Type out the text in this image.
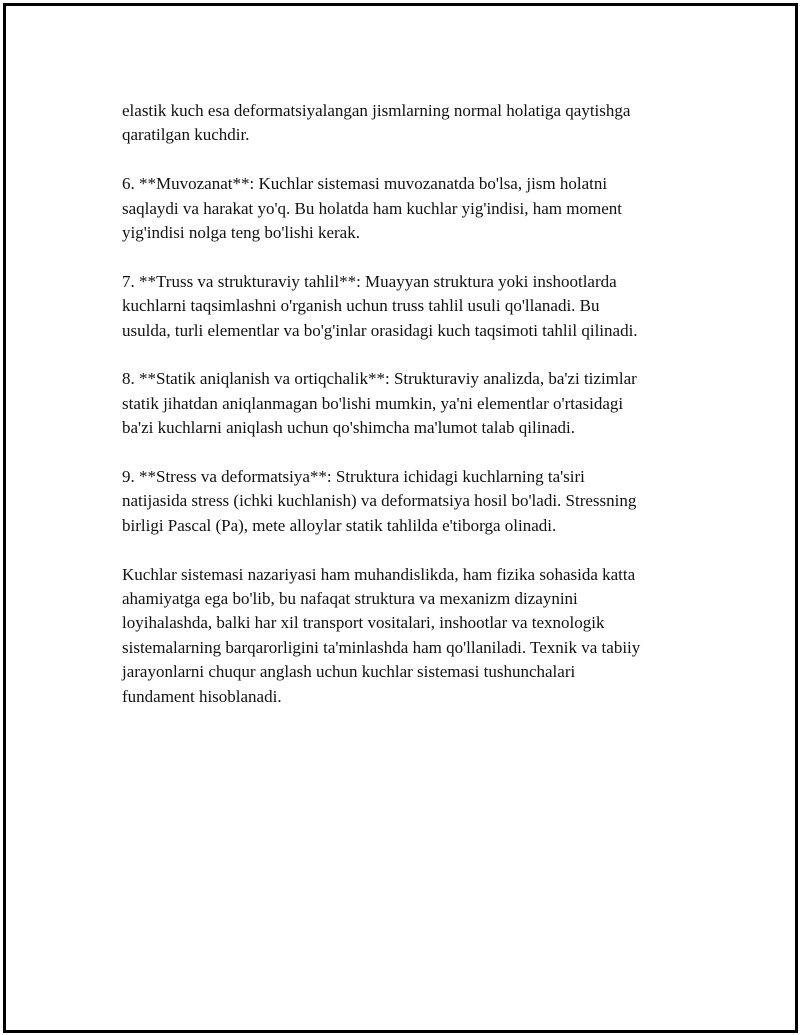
elastik kuch esa deformatsiyalangan jismlarning normal holatiga qaytishga
qaratilgan kuchdir.

6. **Muvozanat**: Kuchlar sistemasi muvozanatda bo'lsa, jism holatni
saqlaydi va harakat yo'q. Bu holatda ham kuchlar yig'indisi, ham moment
yig'indisi nolga teng bo'lishi kerak.

7. **Truss va strukturaviy tahlil**: Muayyan struktura yoki inshootlarda
kuchlarni taqsimlashni o'rganish uchun truss tahlil usuli qo'llanadi. Bu
usulda, turli elementlar va bo'g'inlar orasidagi kuch taqsimoti tahlil qilinadi.

8. **Statik aniqlanish va ortiqchalik**: Strukturaviy analizda, ba'zi tizimlar
statik jihatdan aniqlanmagan bo'lishi mumkin, ya'ni elementlar o'rtasidagi
ba'zi kuchlarni aniqlash uchun qo'shimcha ma'lumot talab qilinadi.

9. **Stress va deformatsiya**: Struktura ichidagi kuchlarning ta'siri
natijasida stress (ichki kuchlanish) va deformatsiya hosil bo'ladi. Stressning
birligi Pascal (Pa), mete alloylar statik tahlilda e'tiborga olinadi.

Kuchlar sistemasi nazariyasi ham muhandislikda, ham fizika sohasida katta
ahamiyatga ega bo'lib, bu nafaqat struktura va mexanizm dizaynini
loyihalashda, balki har xil transport vositalari, inshootlar va texnologik
sistemalarning barqarorligini ta'minlashda ham qo'llaniladi. Texnik va tabiiy
jarayonlarni chuqur anglash uchun kuchlar sistemasi tushunchalari
fundament hisoblanadi.
